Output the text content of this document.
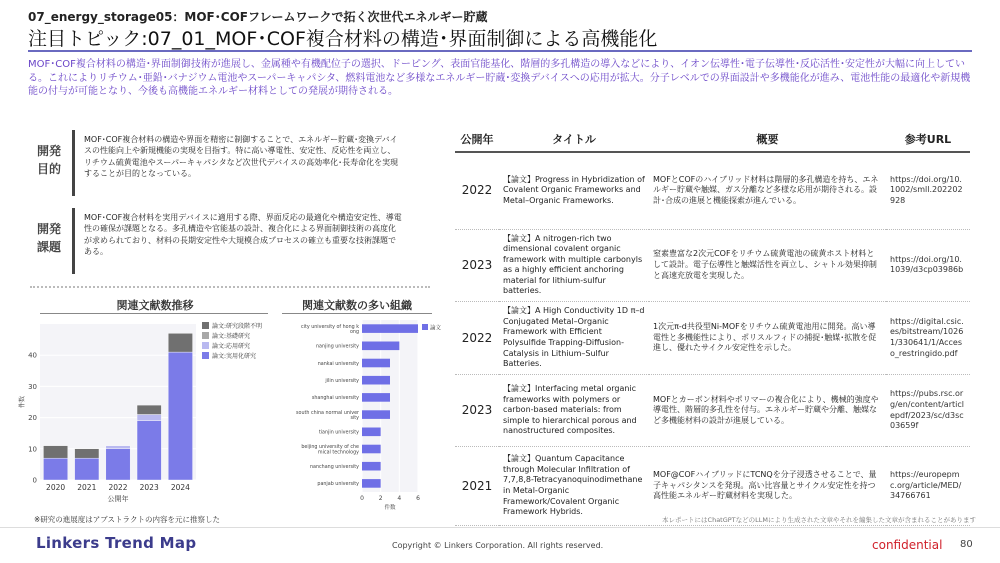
07_energy_storage05：MOF･COFフレームワークで拓く次世代エネルギー貯蔵
注目トピック:07_01_MOF･COF複合材料の構造･界面制御による高機能化
MOF･COF複合材料の構造･界面制御技術が進展し、金属種や有機配位子の選択、ドーピング、表面官能基化、階層的多孔構造の導入などにより、イオン伝導性･電子伝導性･反応活性･安定性が大幅に向上している。これによりリチウム･亜鉛･バナジウム電池やスーパーキャパシタ、燃料電池など多様なエネルギー貯蔵･変換デバイスへの応用が拡大。分子レベルでの界面設計や多機能化が進み、電池性能の最適化や新規機能の付与が可能となり、今後も高機能エネルギー材料としての発展が期待される。
開発目的
MOF･COF複合材料の構造や界面を精密に制御することで、エネルギー貯蔵･変換デバイスの性能向上や新規機能の実現を目指す。特に高い導電性、安定性、反応性を両立し、リチウム硫黄電池やスーパーキャパシタなど次世代デバイスの高効率化･長寿命化を実現することが目的となっている。
開発課題
MOF･COF複合材料を実用デバイスに適用する際、界面反応の最適化や構造安定性、導電性の確保が課題となる。多孔構造や官能基の設計、複合化による界面制御技術の高度化が求められており、材料の長期安定性や大規模合成プロセスの確立も重要な技術課題である。
関連文献数推移	関連文献数の多い組織
0
10
20
30
40
2020 2021 2022 2023 2024
公開年
件数
論文:研究段階不明
論文:基礎研究
論文:応用研究
論文:実用化研究
0 2 4 6
city university of hong k ong
nanjing university
nankai university
jilin university
shanghai university
south china normal univer sity
tianjin university
beijing university of che mical technology
nanchang university
panjab university
件数
論文
公開年	タイトル	概要	参考URL
2022	【論文】Progress in Hybridization of Covalent Organic Frameworks and Metal–Organic Frameworks.	MOFとCOFのハイブリッド材料は階層的多孔構造を持ち、エネルギー貯蔵や触媒、ガス分離など多様な応用が期待される。設計･合成の進展と機能探索が進んでいる。	https://doi.org/10.1002/smll.202202928
2023	【論文】A nitrogen-rich two dimensional covalent organic framework with multiple carbonyls as a highly efficient anchoring material for lithium-sulfur batteries.	窒素豊富な2次元COFをリチウム硫黄電池の硫黄ホスト材料として設計。電子伝導性と触媒活性を両立し、シャトル効果抑制と高速充放電を実現した。	https://doi.org/10.1039/d3cp03986b
2022	【論文】A High Conductivity 1D π–d Conjugated Metal–Organic Framework with Efficient Polysulfide Trapping-Diffusion-Catalysis in Lithium–Sulfur Batteries.	1次元π-d共役型Ni-MOFをリチウム硫黄電池用に開発。高い導電性と多機能性により、ポリスルフィドの捕捉･触媒･拡散を促進し、優れたサイクル安定性を示した。	https://digital.csic.es/bitstream/10261/330641/1/Acceso_restringido.pdf
2023	【論文】Interfacing metal organic frameworks with polymers or carbon-based materials: from simple to hierarchical porous and nanostructured composites.	MOFとカーボン材料やポリマーの複合化により、機械的強度や導電性、階層的多孔性を付与。エネルギー貯蔵や分離、触媒など多機能材料の設計が進展している。	https://pubs.rsc.org/en/content/articlepdf/2023/sc/d3sc03659f
2021	【論文】Quantum Capacitance through Molecular Infiltration of 7,7,8,8-Tetracyanoquinodimethane in Metal-Organic Framework/Covalent Organic Framework Hybrids.	MOF@COFハイブリッドにTCNQを分子浸透させることで、量子キャパシタンスを発現。高い比容量とサイクル安定性を持つ高性能エネルギー貯蔵材料を実現した。	https://europepmc.org/article/MED/34766761
※研究の進展度はアブストラクトの内容を元に推察した	本レポートにはChatGPTなどのLLMにより生成された文章やそれを編集した文章が含まれることがあります
Linkers Trend Map	Copyright © Linkers Corporation. All rights reserved.	confidential 80
